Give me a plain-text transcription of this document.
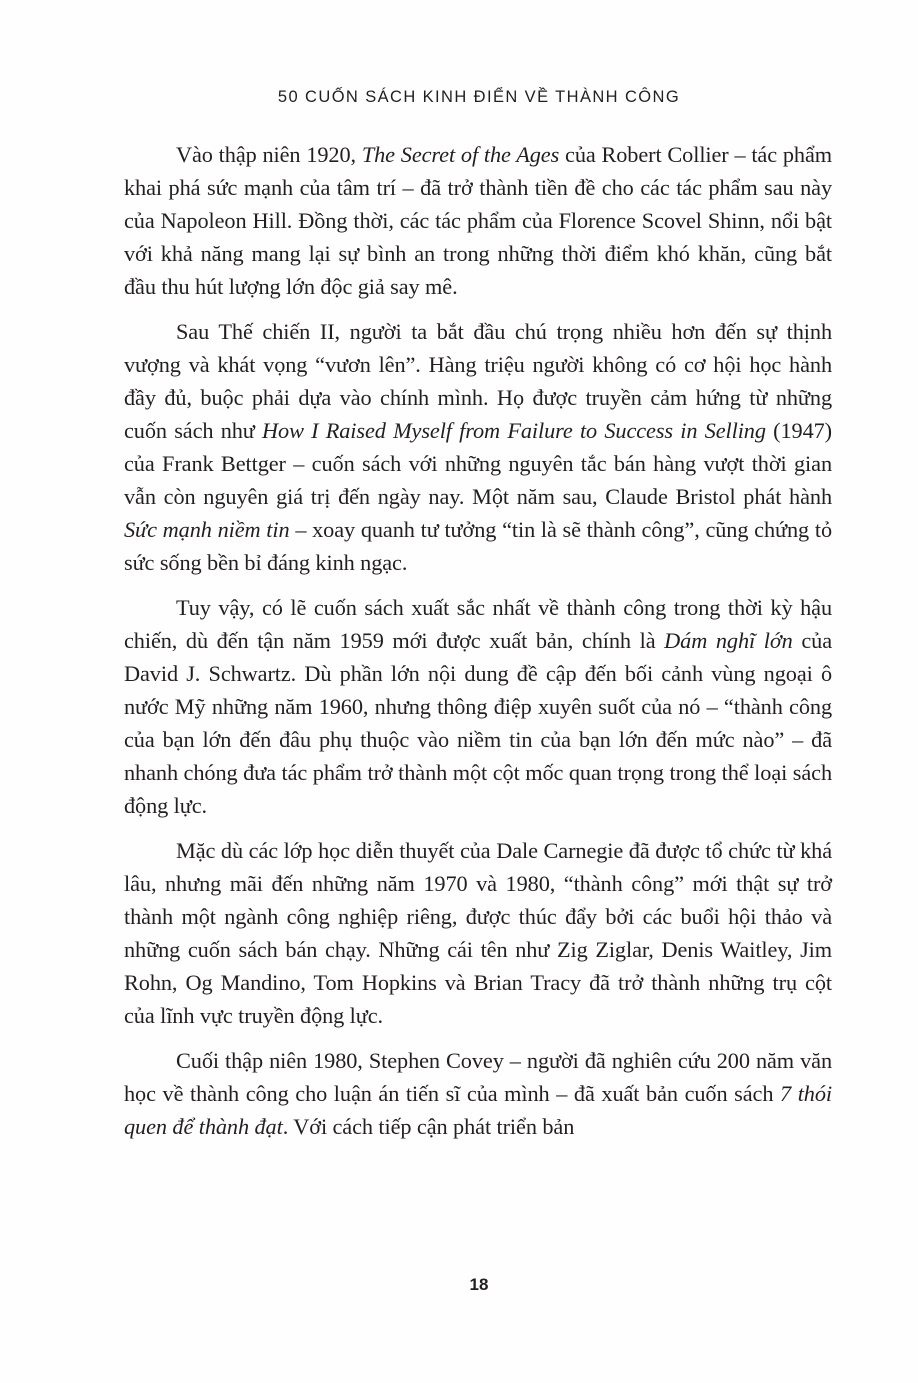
50 CUỐN SÁCH KINH ĐIỂN VỀ THÀNH CÔNG

Vào thập niên 1920, The Secret of the Ages của Robert Collier – tác phẩm khai phá sức mạnh của tâm trí – đã trở thành tiền đề cho các tác phẩm sau này của Napoleon Hill. Đồng thời, các tác phẩm của Florence Scovel Shinn, nổi bật với khả năng mang lại sự bình an trong những thời điểm khó khăn, cũng bắt đầu thu hút lượng lớn độc giả say mê.

Sau Thế chiến II, người ta bắt đầu chú trọng nhiều hơn đến sự thịnh vượng và khát vọng “vươn lên”. Hàng triệu người không có cơ hội học hành đầy đủ, buộc phải dựa vào chính mình. Họ được truyền cảm hứng từ những cuốn sách như How I Raised Myself from Failure to Success in Selling (1947) của Frank Bettger – cuốn sách với những nguyên tắc bán hàng vượt thời gian vẫn còn nguyên giá trị đến ngày nay. Một năm sau, Claude Bristol phát hành Sức mạnh niềm tin – xoay quanh tư tưởng “tin là sẽ thành công”, cũng chứng tỏ sức sống bền bỉ đáng kinh ngạc.

Tuy vậy, có lẽ cuốn sách xuất sắc nhất về thành công trong thời kỳ hậu chiến, dù đến tận năm 1959 mới được xuất bản, chính là Dám nghĩ lớn của David J. Schwartz. Dù phần lớn nội dung đề cập đến bối cảnh vùng ngoại ô nước Mỹ những năm 1960, nhưng thông điệp xuyên suốt của nó – “thành công của bạn lớn đến đâu phụ thuộc vào niềm tin của bạn lớn đến mức nào” – đã nhanh chóng đưa tác phẩm trở thành một cột mốc quan trọng trong thể loại sách động lực.

Mặc dù các lớp học diễn thuyết của Dale Carnegie đã được tổ chức từ khá lâu, nhưng mãi đến những năm 1970 và 1980, “thành công” mới thật sự trở thành một ngành công nghiệp riêng, được thúc đẩy bởi các buổi hội thảo và những cuốn sách bán chạy. Những cái tên như Zig Ziglar, Denis Waitley, Jim Rohn, Og Mandino, Tom Hopkins và Brian Tracy đã trở thành những trụ cột của lĩnh vực truyền động lực.

Cuối thập niên 1980, Stephen Covey – người đã nghiên cứu 200 năm văn học về thành công cho luận án tiến sĩ của mình – đã xuất bản cuốn sách 7 thói quen để thành đạt. Với cách tiếp cận phát triển bản

18
